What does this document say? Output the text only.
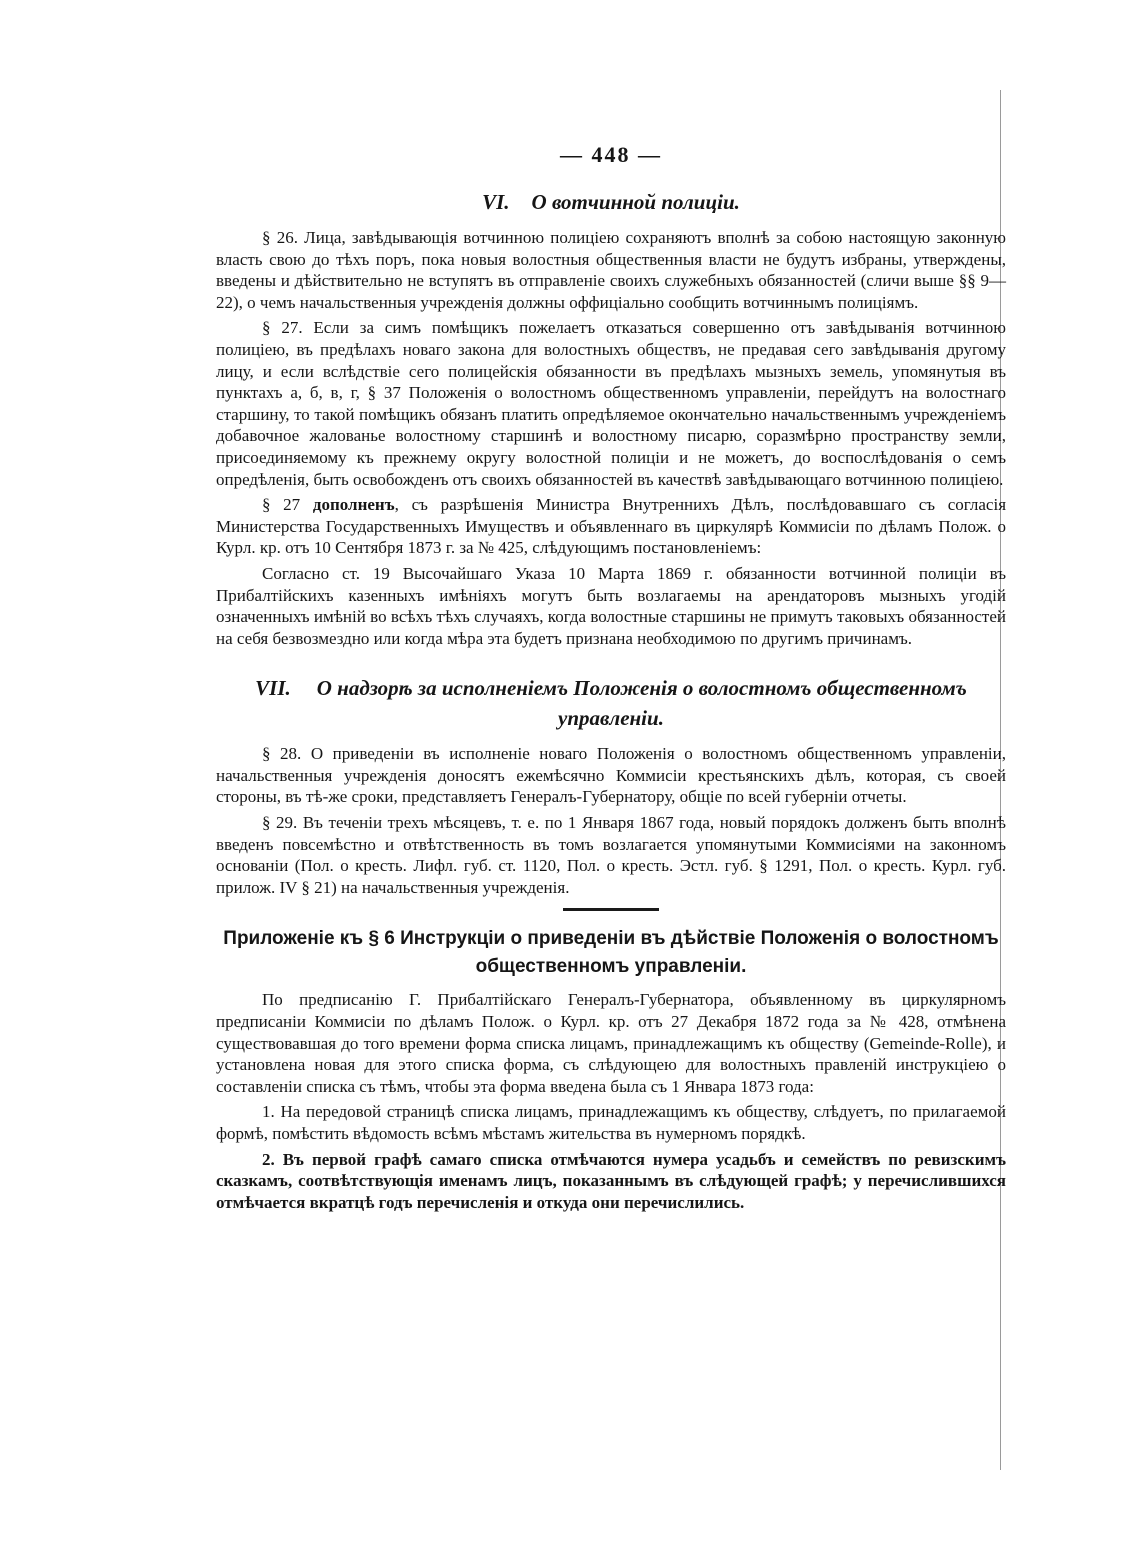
— 448 —
VI. О вотчинной полиціи.

§ 26. Лица, завѣдывающія вотчинною полиціею сохраняютъ вполнѣ за собою настоящую законную власть свою до тѣхъ поръ, пока новыя волостныя общественныя власти не будутъ избраны, утверждены, введены и дѣйствительно не вступятъ въ отправленіе своихъ служебныхъ обязанностей (сличи выше §§ 9—22), о чемъ начальственныя учрежденія должны оффиціально сообщить вотчиннымъ полиціямъ.

§ 27. Если за симъ помѣщикъ пожелаетъ отказаться совершенно отъ завѣдыванія вотчинною полиціею, въ предѣлахъ новаго закона для волостныхъ обществъ, не предавая сего завѣдыванія другому лицу, и если вслѣдствіе сего полицейскія обязанности въ предѣлахъ мызныхъ земель, упомянутыя въ пунктахъ а, б, в, г, § 37 Положенія о волостномъ общественномъ управленіи, перейдутъ на волостнаго старшину, то такой помѣщикъ обязанъ платить опредѣляемое окончательно начальственнымъ учрежденіемъ добавочное жалованье волостному старшинѣ и волостному писарю, соразмѣрно пространству земли, присоединяемому къ прежнему округу волостной полиціи и не можетъ, до воспослѣдованія о семъ опредѣленія, быть освобожденъ отъ своихъ обязанностей въ качествѣ завѣдывающаго вотчинною полиціею.

§ 27 дополненъ, съ разрѣшенія Министра Внутреннихъ Дѣлъ, послѣдовавшаго съ согласія Министерства Государственныхъ Имуществъ и объявленнаго въ циркулярѣ Коммисіи по дѣламъ Полож. о Курл. кр. отъ 10 Сентября 1873 г. за № 425, слѣдующимъ постановленіемъ:

Согласно ст. 19 Высочайшаго Указа 10 Марта 1869 г. обязанности вотчинной полиціи въ Прибалтійскихъ казенныхъ имѣніяхъ могутъ быть возлагаемы на арендаторовъ мызныхъ угодій означенныхъ имѣній во всѣхъ тѣхъ случаяхъ, когда волостные старшины не примутъ таковыхъ обязанностей на себя безвозмездно или когда мѣра эта будетъ признана необходимою по другимъ причинамъ.

VII. О надзорѣ за исполненіемъ Положенія о волостномъ общественномъ управленіи.

§ 28. О приведеніи въ исполненіе новаго Положенія о волостномъ общественномъ управленіи, начальственныя учрежденія доносятъ ежемѣсячно Коммисіи крестьянскихъ дѣлъ, которая, съ своей стороны, въ тѣ-же сроки, представляетъ Генералъ-Губернатору, общіе по всей губерніи отчеты.

§ 29. Въ теченіи трехъ мѣсяцевъ, т. е. по 1 Января 1867 года, новый порядокъ долженъ быть вполнѣ введенъ повсемѣстно и отвѣтственность въ томъ возлагается упомянутыми Коммисіями на законномъ основаніи (Пол. о кресть. Лифл. губ. ст. 1120, Пол. о кресть. Эстл. губ. § 1291, Пол. о кресть. Курл. губ. прилож. IV § 21) на начальственныя учрежденія.

Приложеніе къ § 6 Инструкціи о приведеніи въ дѣйствіе Положенія о волостномъ общественномъ управленіи.

По предписанію Г. Прибалтійскаго Генералъ-Губернатора, объявленному въ циркулярномъ предписаніи Коммисіи по дѣламъ Полож. о Курл. кр. отъ 27 Декабря 1872 года за № 428, отмѣнена существовавшая до того времени форма списка лицамъ, принадлежащимъ къ обществу (Gemeinde-Rolle), и установлена новая для этого списка форма, съ слѣдующею для волостныхъ правленій инструкціею о составленіи списка съ тѣмъ, чтобы эта форма введена была съ 1 Январа 1873 года:

1. На передовой страницѣ списка лицамъ, принадлежащимъ къ обществу, слѣдуетъ, по прилагаемой формѣ, помѣстить вѣдомость всѣмъ мѣстамъ жительства въ нумерномъ порядкѣ.

2. Въ первой графѣ самаго списка отмѣчаются нумера усадьбъ и семействъ по ревизскимъ сказкамъ, соотвѣтствующія именамъ лицъ, показаннымъ въ слѣдующей графѣ; у перечислившихся отмѣчается вкратцѣ годъ перечисленія и откуда они перечислились.
